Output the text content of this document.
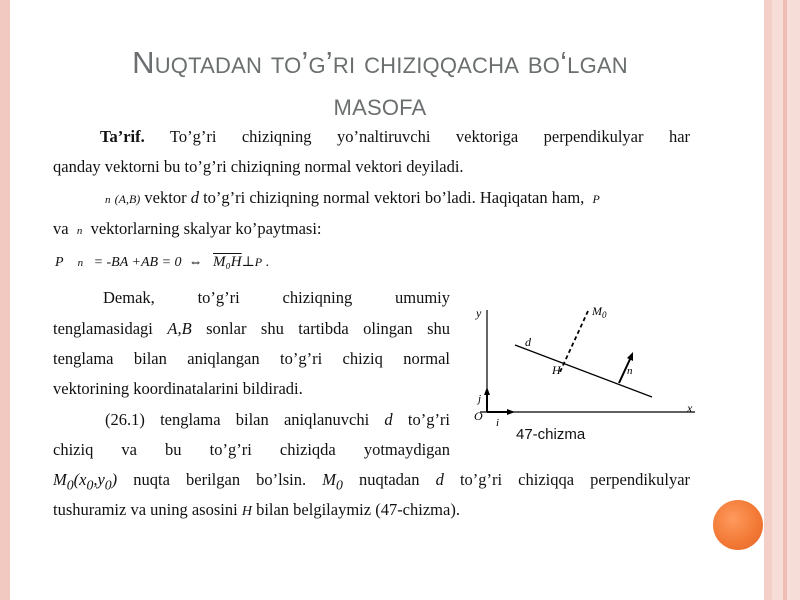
Nuqtadan to’g’ri chiziqqacha bo‘lgan
masofa
Ta’rif. To’g’ri chiziqning yo’naltiruvchi vektoriga perpendikulyar har
qanday vektorni bu to’g’ri chiziqning normal vektori deyiladi.
n (A,B) vektor d to’g’ri chiziqning normal vektori bo’ladi. Haqiqatan ham, P
va n vektorlarning skalyar ko’paytmasi:
P n = -BA +AB = 0 ⇔ M₀H⊥P .
Demak, to’g’ri chiziqning umumiy
tenglamasidagi A,B sonlar shu tartibda olingan shu
tenglama bilan aniqlangan to’g’ri chiziq normal
vektorining koordinatalarini bildiradi.
(26.1) tenglama bilan aniqlanuvchi d to’g’ri
chiziq va bu to’g’ri chiziqda yotmaydigan
$M_0(x_0,y_0)$ nuqta berilgan bo’lsin. $M_0$ nuqtadan d to’g’ri chiziqqa perpendikulyar
tushuramiz va uning asosini H bilan belgilaymiz (47-chizma).
y
x
O i
j
d
H
$M_0$
n
47-chizma
